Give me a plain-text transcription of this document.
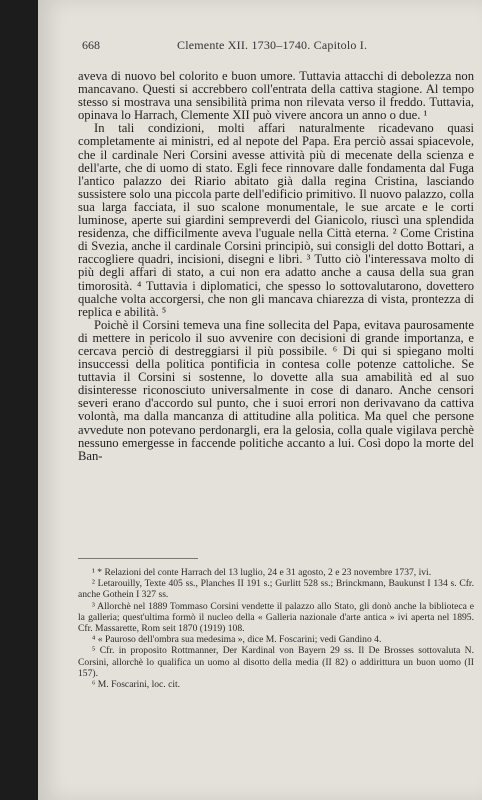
668	Clemente XII. 1730–1740. Capitolo I.

aveva di nuovo bel colorito e buon umore. Tuttavia attacchi di debolezza non mancavano. Questi si accrebbero coll'entrata della cattiva stagione. Al tempo stesso si mostrava una sensibilità prima non rilevata verso il freddo. Tuttavia, opinava lo Harrach, Clemente XII può vivere ancora un anno o due. ¹

In tali condizioni, molti affari naturalmente ricadevano quasi completamente ai ministri, ed al nepote del Papa. Era perciò assai spiacevole, che il cardinale Neri Corsini avesse attività più di mecenate della scienza e dell'arte, che di uomo di stato. Egli fece rinnovare dalle fondamenta dal Fuga l'antico palazzo dei Riario abitato già dalla regina Cristina, lasciando sussistere solo una piccola parte dell'edificio primitivo. Il nuovo palazzo, colla sua larga facciata, il suo scalone monumentale, le sue arcate e le corti luminose, aperte sui giardini sempreverdi del Gianicolo, riuscì una splendida residenza, che difficilmente aveva l'uguale nella Città eterna. ² Come Cristina di Svezia, anche il cardinale Corsini principiò, sui consigli del dotto Bottari, a raccogliere quadri, incisioni, disegni e libri. ³ Tutto ciò l'interessava molto di più degli affari di stato, a cui non era adatto anche a causa della sua gran timorosità. ⁴ Tuttavia i diplomatici, che spesso lo sottovalutarono, dovettero qualche volta accorgersi, che non gli mancava chiarezza di vista, prontezza di replica e abilità. ⁵

Poichè il Corsini temeva una fine sollecita del Papa, evitava paurosamente di mettere in pericolo il suo avvenire con decisioni di grande importanza, e cercava perciò di destreggiarsi il più possibile. ⁶ Di qui si spiegano molti insuccessi della politica pontificia in contesa colle potenze cattoliche. Se tuttavia il Corsini si sostenne, lo dovette alla sua amabilità ed al suo disinteresse riconosciuto universalmente in cose di danaro. Anche censori severi erano d'accordo sul punto, che i suoi errori non derivavano da cattiva volontà, ma dalla mancanza di attitudine alla politica. Ma quel che persone avvedute non potevano perdonargli, era la gelosia, colla quale vigilava perchè nessuno emergesse in faccende politiche accanto a lui. Così dopo la morte del Ban-

¹ * Relazioni del conte Harrach del 13 luglio, 24 e 31 agosto, 2 e 23 novembre 1737, ivi.

² Letarouilly, Texte 405 ss., Planches II 191 s.; Gurlitt 528 ss.; Brinckmann, Baukunst I 134 s. Cfr. anche Gothein I 327 ss.

³ Allorchè nel 1889 Tommaso Corsini vendette il palazzo allo Stato, gli donò anche la biblioteca e la galleria; quest'ultima formò il nucleo della « Galleria nazionale d'arte antica » ivi aperta nel 1895. Cfr. Massarette, Rom seit 1870 (1919) 108.

⁴ « Pauroso dell'ombra sua medesima », dice M. Foscarini; vedi Gandino 4.

⁵ Cfr. in proposito Rottmanner, Der Kardinal von Bayern 29 ss. Il De Brosses sottovaluta N. Corsini, allorchè lo qualifica un uomo al disotto della media (II 82) o addirittura un buon uomo (II 157).

⁶ M. Foscarini, loc. cit.
